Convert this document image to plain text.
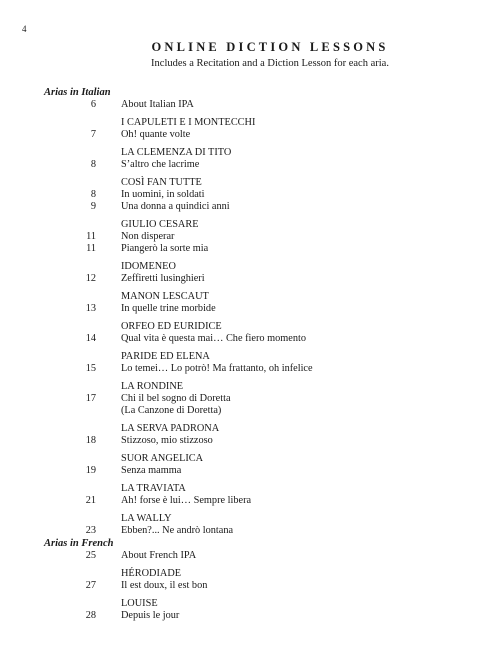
4
ONLINE DICTION LESSONS
Includes a Recitation and a Diction Lesson for each aria.
Arias in Italian
6	About Italian IPA
I CAPULETI E I MONTECCHI
7	Oh! quante volte
LA CLEMENZA DI TITO
8	S’altro che lacrime
COSÌ FAN TUTTE
8	In uomini, in soldati
9	Una donna a quindici anni
GIULIO CESARE
11	Non disperar
11	Piangerò la sorte mia
IDOMENEO
12	Zeffiretti lusinghieri
MANON LESCAUT
13	In quelle trine morbide
ORFEO ED EURIDICE
14	Qual vita è questa mai… Che fiero momento
PARIDE ED ELENA
15	Lo temei… Lo potrò! Ma frattanto, oh infelice
LA RONDINE
17	Chi il bel sogno di Doretta
(La Canzone di Doretta)
LA SERVA PADRONA
18	Stizzoso, mio stizzoso
SUOR ANGELICA
19	Senza mamma
LA TRAVIATA
21	Ah! forse è lui… Sempre libera
LA WALLY
23	Ebben?... Ne andrò lontana
Arias in French
25	About French IPA
HÉRODIADE
27	Il est doux, il est bon
LOUISE
28	Depuis le jour
